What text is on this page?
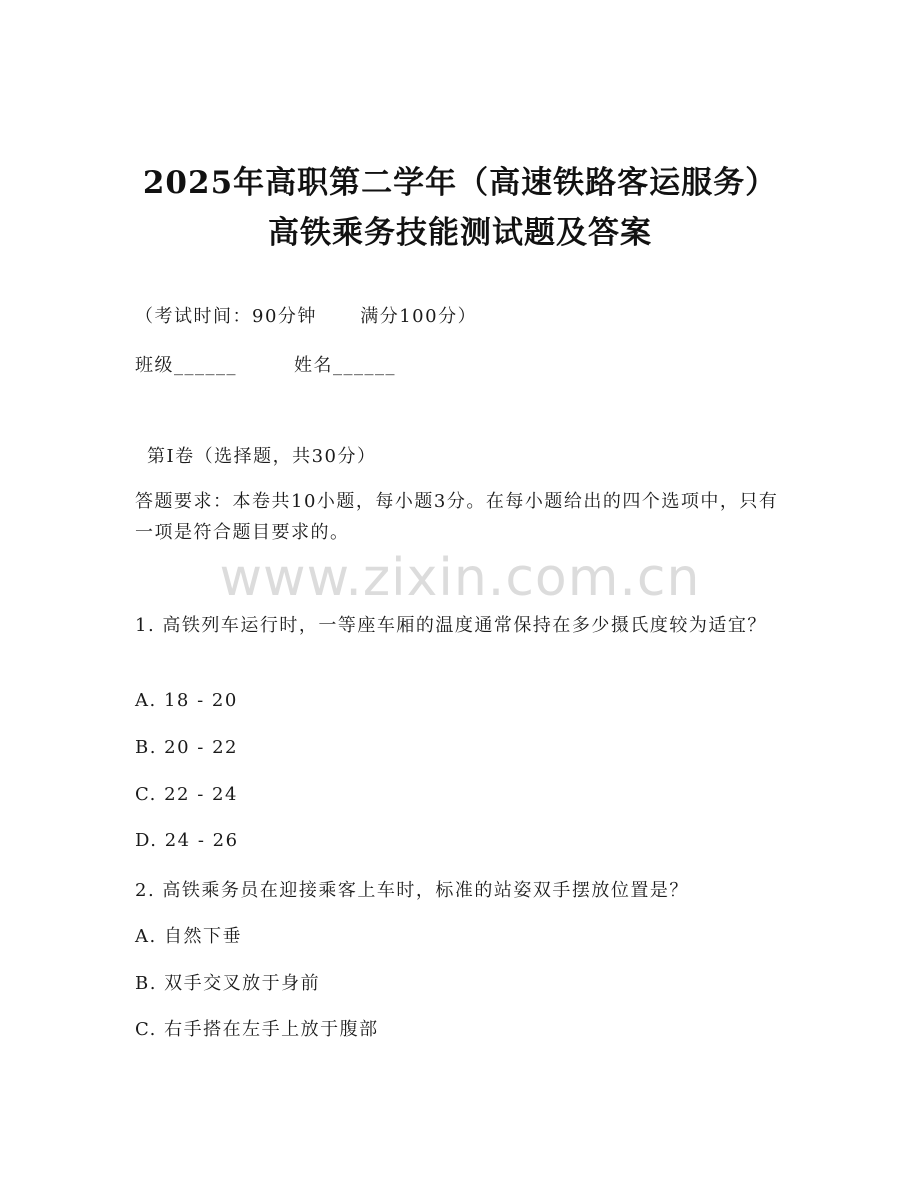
2025年高职第二学年（高速铁路客运服务）
高铁乘务技能测试题及答案
（考试时间：90分钟      满分100分）
班级______	姓名______
第I卷（选择题，共30分）
答题要求：本卷共10小题，每小题3分。在每小题给出的四个选项中，只有一项是符合题目要求的。
www.zixin.com.cn
1. 高铁列车运行时，一等座车厢的温度通常保持在多少摄氏度较为适宜？
A. 18 - 20
B. 20 - 22
C. 22 - 24
D. 24 - 26
2. 高铁乘务员在迎接乘客上车时，标准的站姿双手摆放位置是？
A. 自然下垂
B. 双手交叉放于身前
C. 右手搭在左手上放于腹部
